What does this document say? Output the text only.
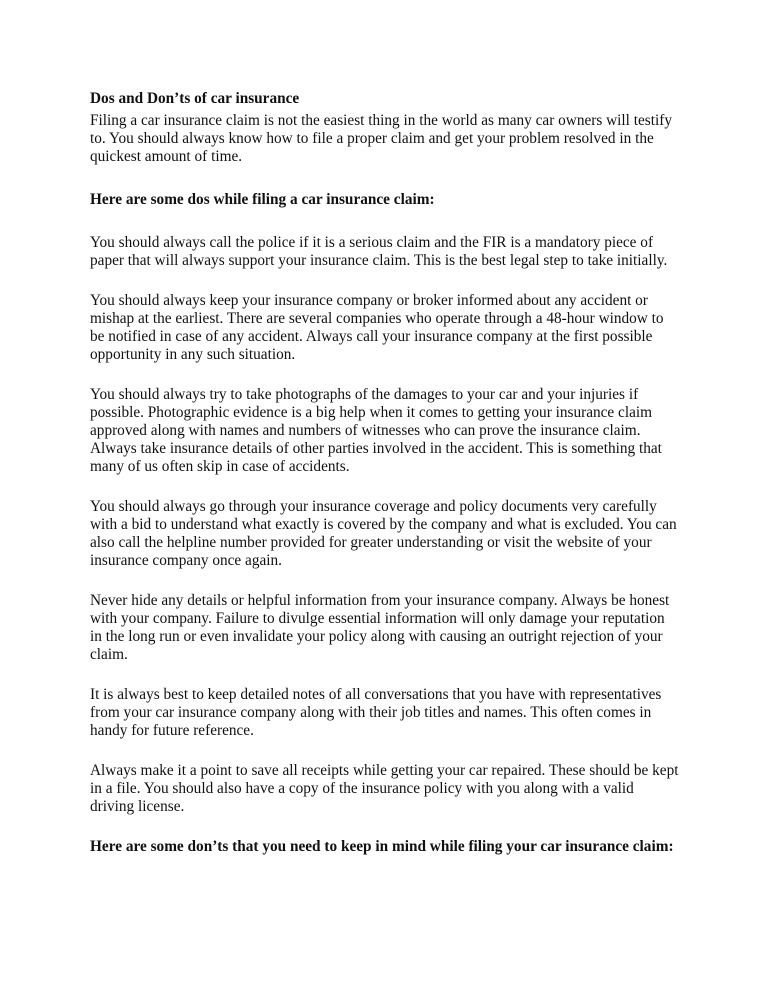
Dos and Don’ts of car insurance
Filing a car insurance claim is not the easiest thing in the world as many car owners will testify to. You should always know how to file a proper claim and get your problem resolved in the quickest amount of time.
Here are some dos while filing a car insurance claim:
You should always call the police if it is a serious claim and the FIR is a mandatory piece of paper that will always support your insurance claim. This is the best legal step to take initially.
You should always keep your insurance company or broker informed about any accident or mishap at the earliest. There are several companies who operate through a 48-hour window to be notified in case of any accident. Always call your insurance company at the first possible opportunity in any such situation.
You should always try to take photographs of the damages to your car and your injuries if possible. Photographic evidence is a big help when it comes to getting your insurance claim approved along with names and numbers of witnesses who can prove the insurance claim. Always take insurance details of other parties involved in the accident. This is something that many of us often skip in case of accidents.
You should always go through your insurance coverage and policy documents very carefully with a bid to understand what exactly is covered by the company and what is excluded. You can also call the helpline number provided for greater understanding or visit the website of your insurance company once again.
Never hide any details or helpful information from your insurance company. Always be honest with your company. Failure to divulge essential information will only damage your reputation in the long run or even invalidate your policy along with causing an outright rejection of your claim.
It is always best to keep detailed notes of all conversations that you have with representatives from your car insurance company along with their job titles and names. This often comes in handy for future reference.
Always make it a point to save all receipts while getting your car repaired. These should be kept in a file. You should also have a copy of the insurance policy with you along with a valid driving license.
Here are some don’ts that you need to keep in mind while filing your car insurance claim:
